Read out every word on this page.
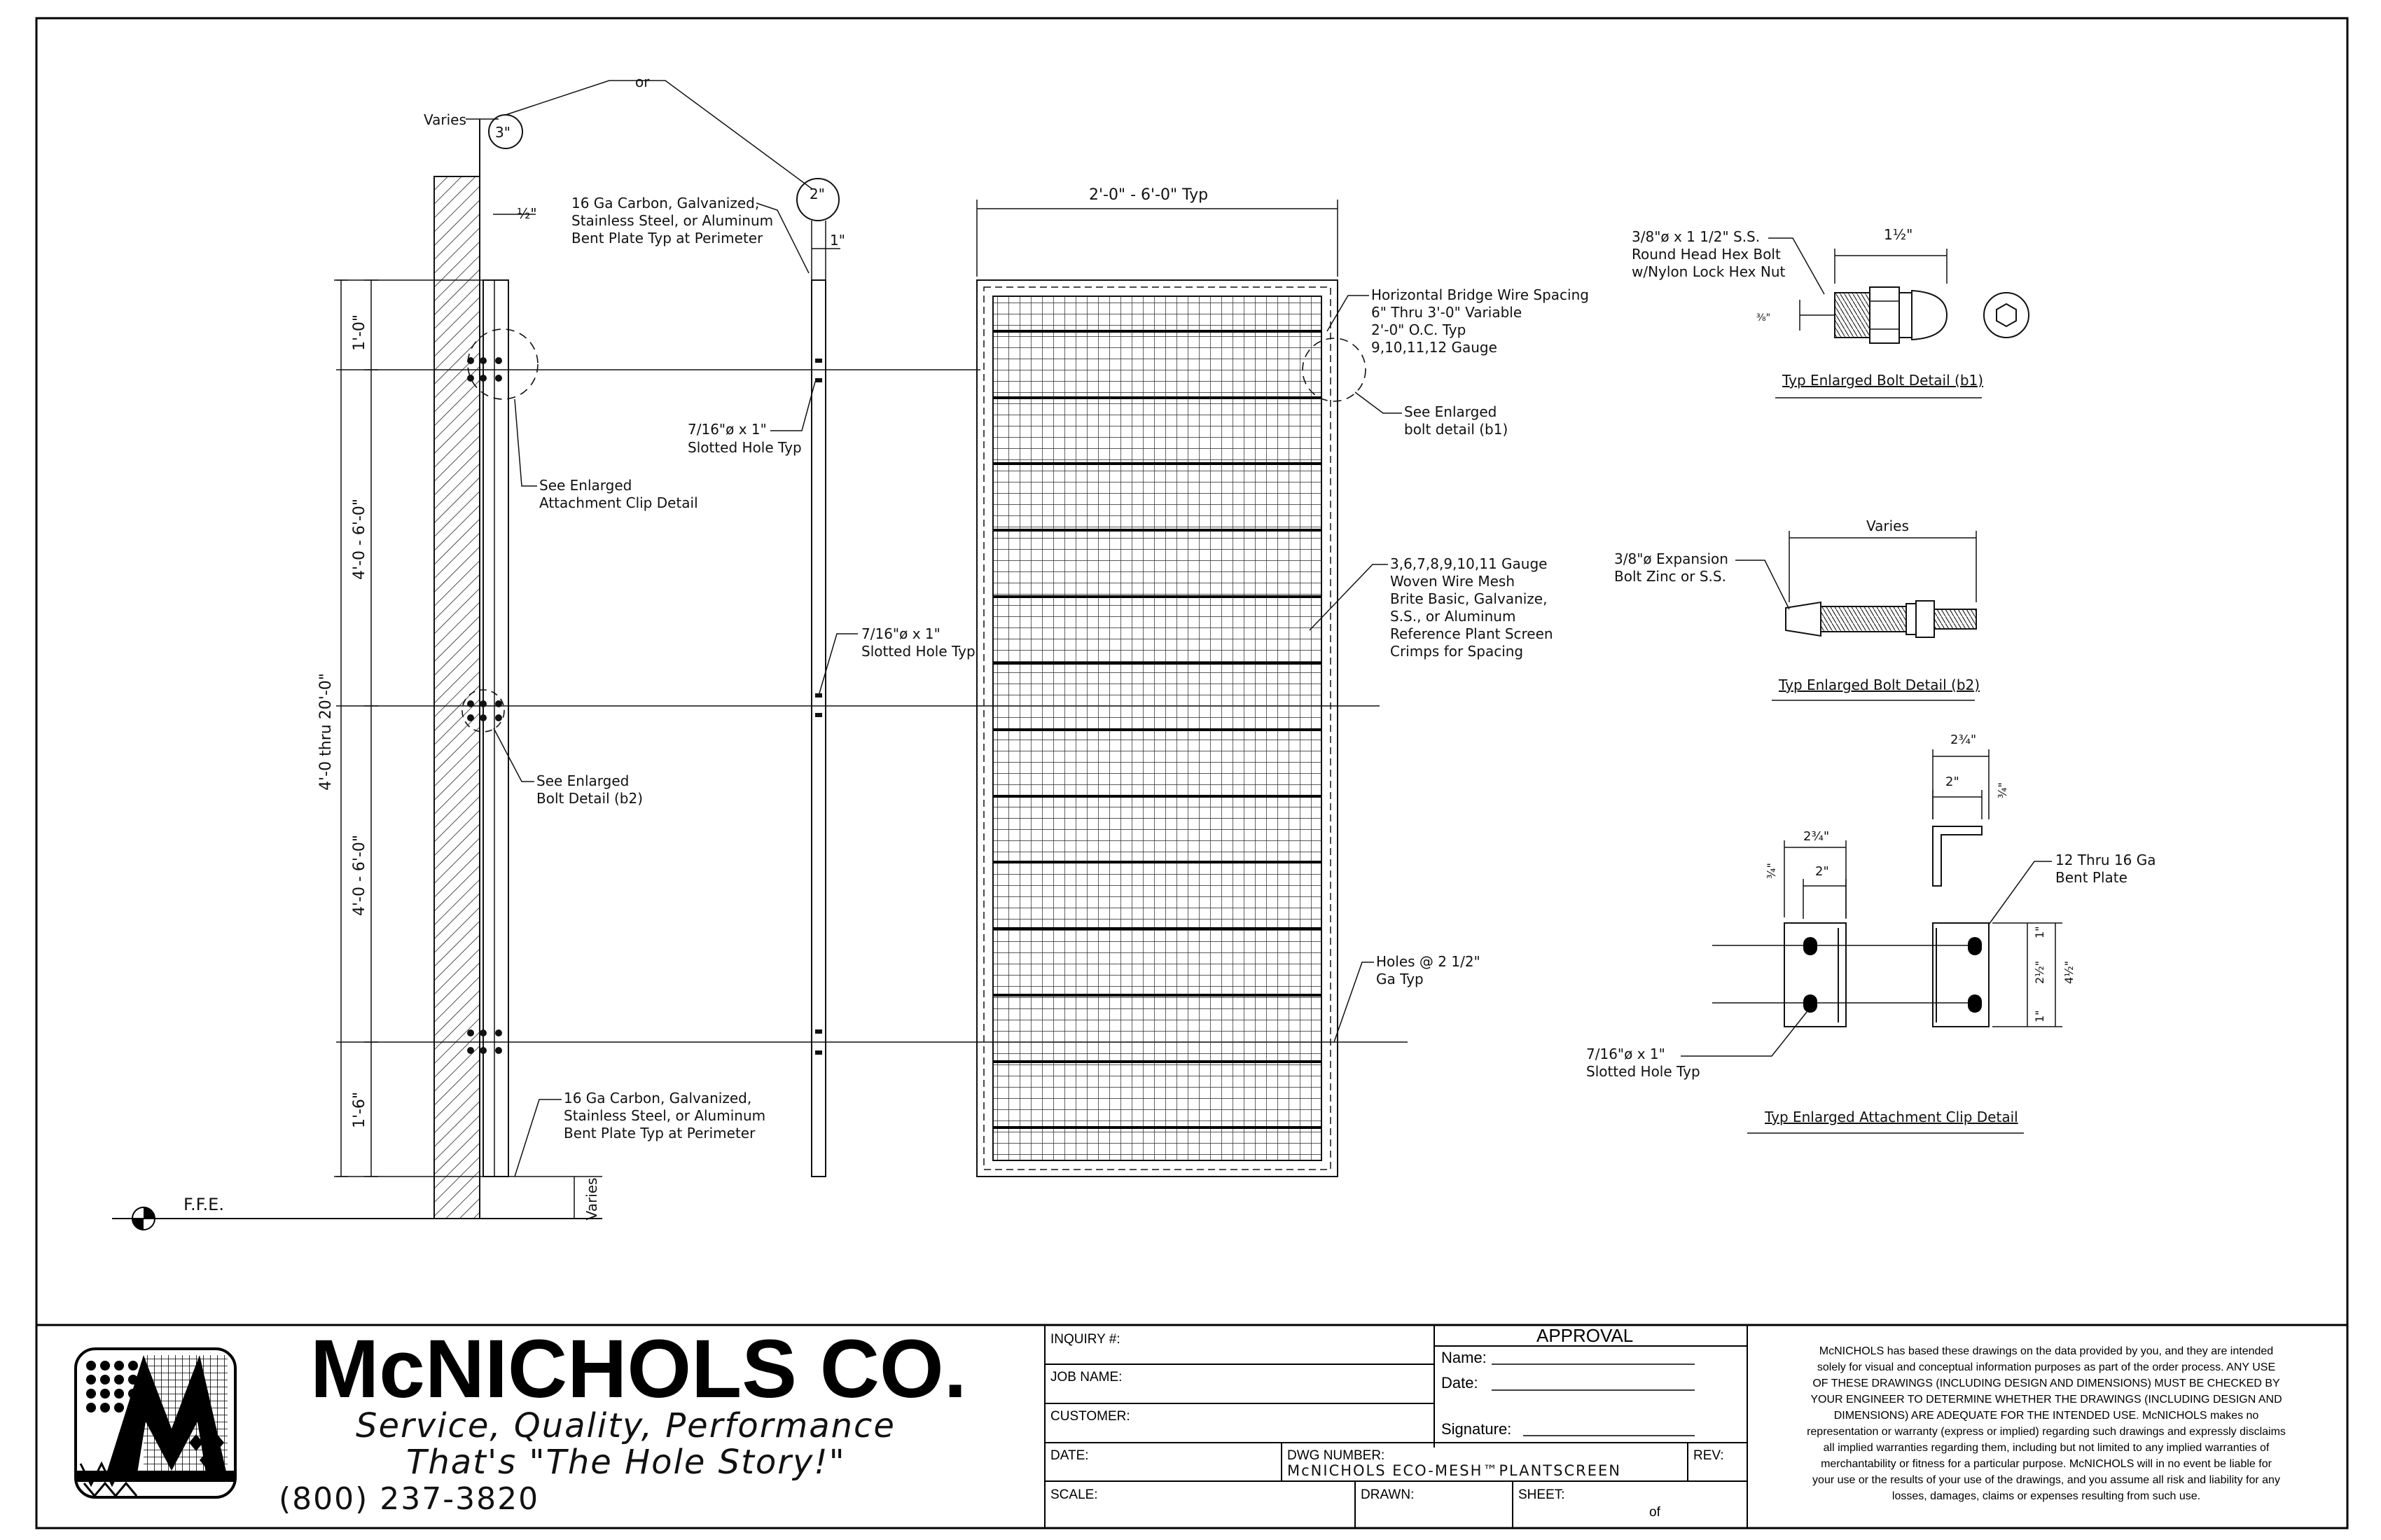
F.F.E.
1'-0"
4'-0 - 6'-0"
4'-0 - 6'-0"
1'-6"
4'-0 thru 20'-0"
Varies
3"
½"
or
2"
1"
16 Ga Carbon, Galvanized,
Stainless Steel, or Aluminum
Bent Plate Typ at Perimeter
7/16"ø x 1"
Slotted Hole Typ
See Enlarged
Attachment Clip Detail
7/16"ø x 1"
Slotted Hole Typ
See Enlarged
Bolt Detail (b2)
16 Ga Carbon, Galvanized,
Stainless Steel, or Aluminum
Bent Plate Typ at Perimeter
Varies
2'-0" - 6'-0" Typ
Horizontal Bridge Wire Spacing
6" Thru 3'-0" Variable
2'-0" O.C. Typ
9,10,11,12 Gauge
See Enlarged
bolt detail (b1)
3,6,7,8,9,10,11 Gauge
Woven Wire Mesh
Brite Basic, Galvanize,
S.S., or Aluminum
Reference Plant Screen
Crimps for Spacing
Holes @ 2 1/2"
Ga Typ
1½"
⅜"
3/8"ø x 1 1/2" S.S.
Round Head Hex Bolt
w/Nylon Lock Hex Nut
Typ Enlarged Bolt Detail (b1)
Varies
3/8"ø Expansion
Bolt Zinc or S.S.
Typ Enlarged Bolt Detail (b2)
2¾"
2"
2¾"
2"
¾"
¾"
1"
2½"
1"
4½"
12 Thru 16 Ga
Bent Plate
7/16"ø x 1"
Slotted Hole Typ
Typ Enlarged Attachment Clip Detail
McNICHOLS CO.
Service, Quality, Performance
That's "The Hole Story!"
(800) 237-3820
INQUIRY #:
JOB NAME:
CUSTOMER:
DATE:	DWG NUMBER:
McNICHOLS ECO-MESH™PLANTSCREEN
REV:
SCALE:	DRAWN:	SHEET:
of
APPROVAL
Name:
Date:
Signature:
McNICHOLS has based these drawings on the data provided by you, and they are intended
solely for visual and conceptual information purposes as part of the order process. ANY USE
OF THESE DRAWINGS (INCLUDING DESIGN AND DIMENSIONS) MUST BE CHECKED BY
YOUR ENGINEER TO DETERMINE WHETHER THE DRAWINGS (INCLUDING DESIGN AND
DIMENSIONS) ARE ADEQUATE FOR THE INTENDED USE. McNICHOLS makes no
representation or warranty (express or implied) regarding such drawings and expressly disclaims
all implied warranties regarding them, including but not limited to any implied warranties of
merchantability or fitness for a particular purpose. McNICHOLS will in no event be liable for
your use or the results of your use of the drawings, and you assume all risk and liability for any
losses, damages, claims or expenses resulting from such use.
